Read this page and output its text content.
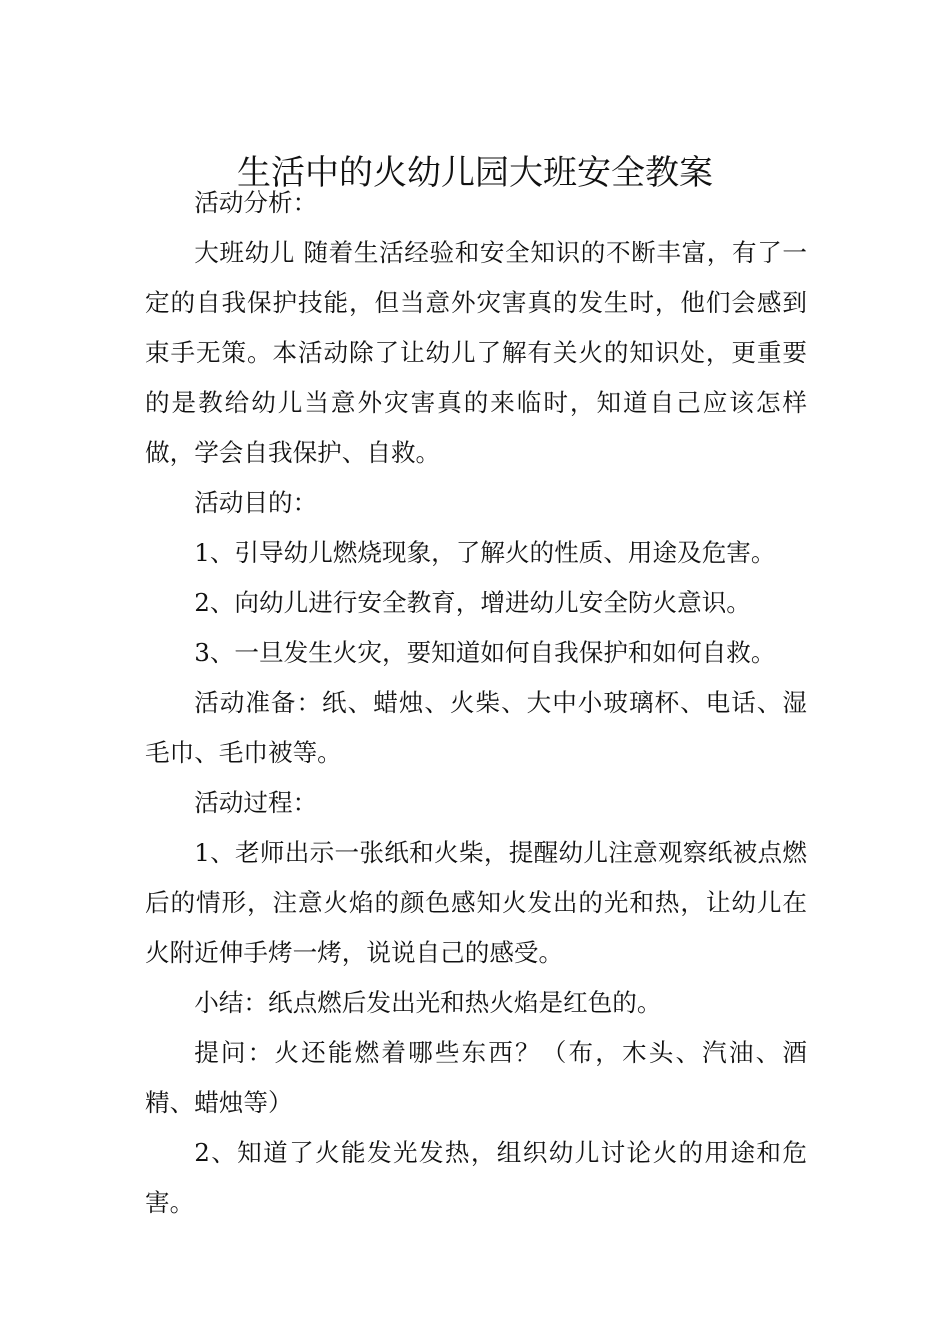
生活中的火幼儿园大班安全教案

活动分析：

大班幼儿 随着生活经验和安全知识的不断丰富，有了一定的自我保护技能，但当意外灾害真的发生时，他们会感到束手无策。本活动除了让幼儿了解有关火的知识处，更重要的是教给幼儿当意外灾害真的来临时，知道自己应该怎样做，学会自我保护、自救。

活动目的：

1、引导幼儿燃烧现象，了解火的性质、用途及危害。

2、向幼儿进行安全教育，增进幼儿安全防火意识。

3、一旦发生火灾，要知道如何自我保护和如何自救。

活动准备：纸、蜡烛、火柴、大中小玻璃杯、电话、湿毛巾、毛巾被等。

活动过程：

1、老师出示一张纸和火柴，提醒幼儿注意观察纸被点燃后的情形，注意火焰的颜色感知火发出的光和热，让幼儿在火附近伸手烤一烤，说说自己的感受。

小结：纸点燃后发出光和热火焰是红色的。

提问：火还能燃着哪些东西？（布，木头、汽油、酒精、蜡烛等）

2、知道了火能发光发热，组织幼儿讨论火的用途和危害。
